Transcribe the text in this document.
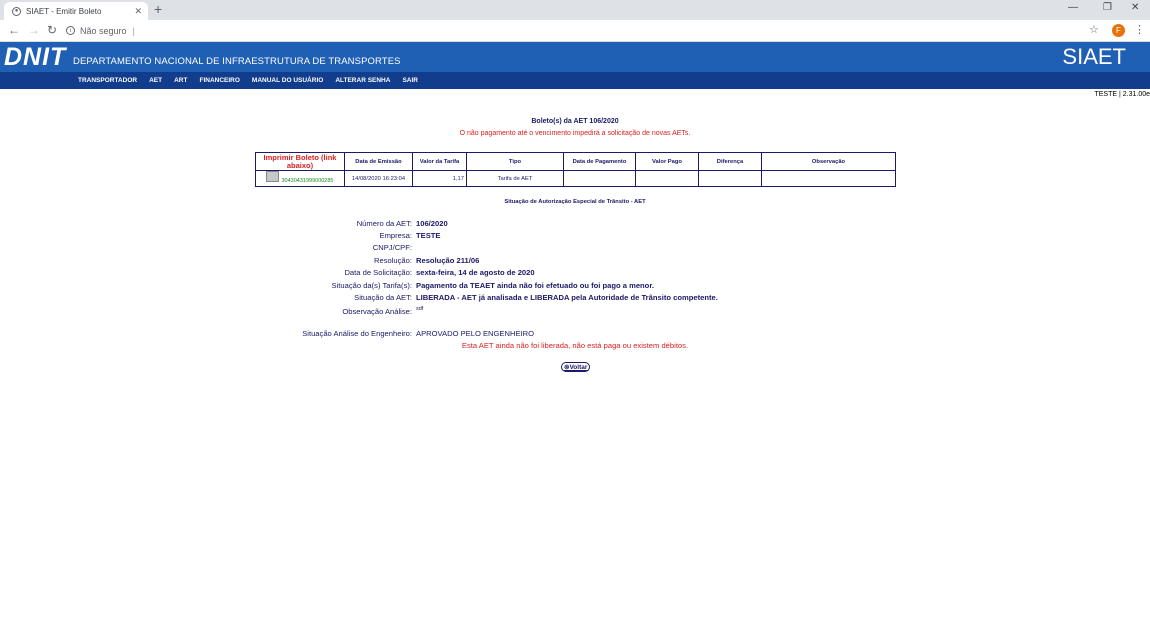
● SIAET - Emitir Boleto	✕ +	—	❐ ✕
← → ↻	i Não seguro |	☆	F	⋮
DNIT DEPARTAMENTO NACIONAL DE INFRAESTRUTURA DE TRANSPORTES	SIAET
TRANSPORTADOR AET ART FINANCEIRO MANUAL DO USUÁRIO ALTERAR SENHA SAIR
TESTE | 2.31.00e
Boleto(s) da AET 106/2020
O não pagamento até o vencimento impedirá a solicitação de novas AETs.
Imprimir Boleto (link abaixo)	Data de Emissão	Valor da Tarifa	Tipo	Data de Pagamento	Valor Pago	Diferença	Observação
30430431999000285	14/08/2020 16:23:04	1,17	Tarifa de AET				
Situação de Autorização Especial de Trânsito - AET
Número da AET: 106/2020
Empresa: TESTE
CNPJ/CPF:
Resolução: Resolução 211/06
Data de Solicitação: sexta-feira, 14 de agosto de 2020
Situação da(s) Tarifa(s): Pagamento da TEAET ainda não foi efetuado ou foi pago a menor.
Situação da AET: LIBERADA - AET já analisada e LIBERADA pela Autoridade de Trânsito competente.
Observação Análise: sdf
Situação Análise do Engenheiro: APROVADO PELO ENGENHEIRO
Esta AET ainda não foi liberada, não está paga ou existem débitos.
⊚Voltar
